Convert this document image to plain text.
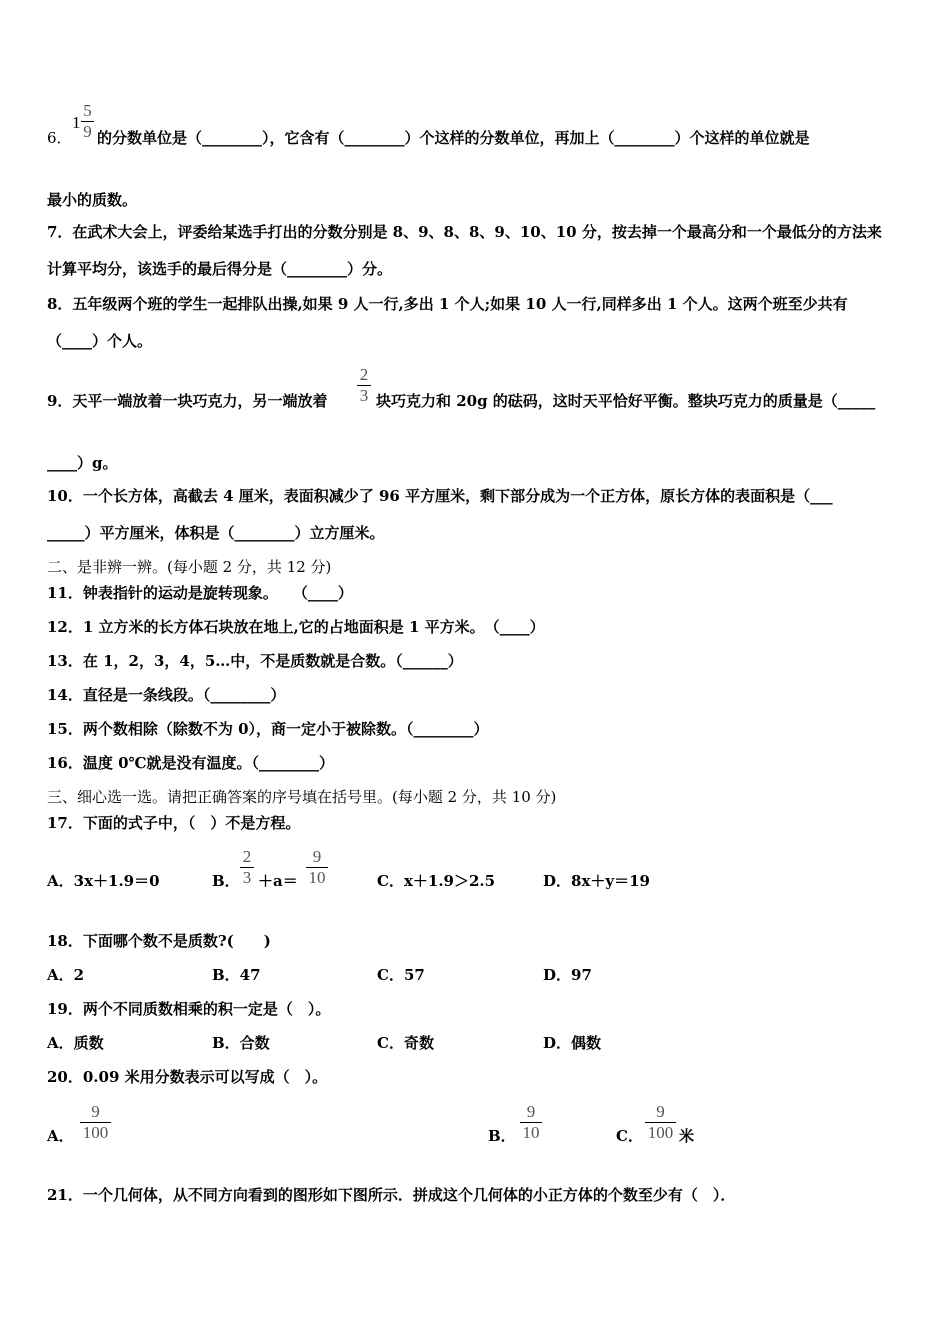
6．
1
5
9 的分数单位是（________），它含有（________）个这样的分数单位，再加上（________）个这样的单位就是
最小的质数。
7．在武术大会上，评委给某选手打出的分数分别是 8、9、8、8、9、10、10 分，按去掉一个最高分和一个最低分的方法来
计算平均分，该选手的最后得分是（________）分。
8．五年级两个班的学生一起排队出操,如果 9 人一行,多出 1 个人;如果 10 人一行,同样多出 1 个人。这两个班至少共有
（____）个人。
9．天平一端放着一块巧克力，另一端放着
2
3 块巧克力和 20g 的砝码，这时天平恰好平衡。整块巧克力的质量是（_____
____）g。
10．一个长方体，高截去 4 厘米，表面积减少了 96 平方厘米，剩下部分成为一个正方体，原长方体的表面积是（___
_____）平方厘米，体积是（________）立方厘米。
二、是非辨一辨。(每小题 2 分，共 12 分)
11．钟表指针的运动是旋转现象。　　（____）
12．1 立方米的长方体石块放在地上,它的占地面积是 1 平方米。　（____）
13．在 1，2，3，4，5…中，不是质数就是合数。（______）
14．直径是一条线段。（________）
15．两个数相除（除数不为 0），商一定小于被除数。（________）
16．温度 0℃就是没有温度。（________）
三、细心选一选。请把正确答案的序号填在括号里。(每小题 2 分，共 10 分)
17．下面的式子中，（　）不是方程。
A．3x＋1.9＝0	B．
2
3 ＋a＝
9
10	C．x＋1.9＞2.5	D．8x＋y＝19
18．下面哪个数不是质数?(　　)
A．2	B．47	C．57	D．97
19．两个不同质数相乘的积一定是（　）。
A．质数	B．合数	C．奇数	D．偶数
20．0.09 米用分数表示可以写成（　）。
A．
9
100	B．
9
10	C．
9
100 米
21．一个几何体，从不同方向看到的图形如下图所示．拼成这个几何体的小正方体的个数至少有（　）．
